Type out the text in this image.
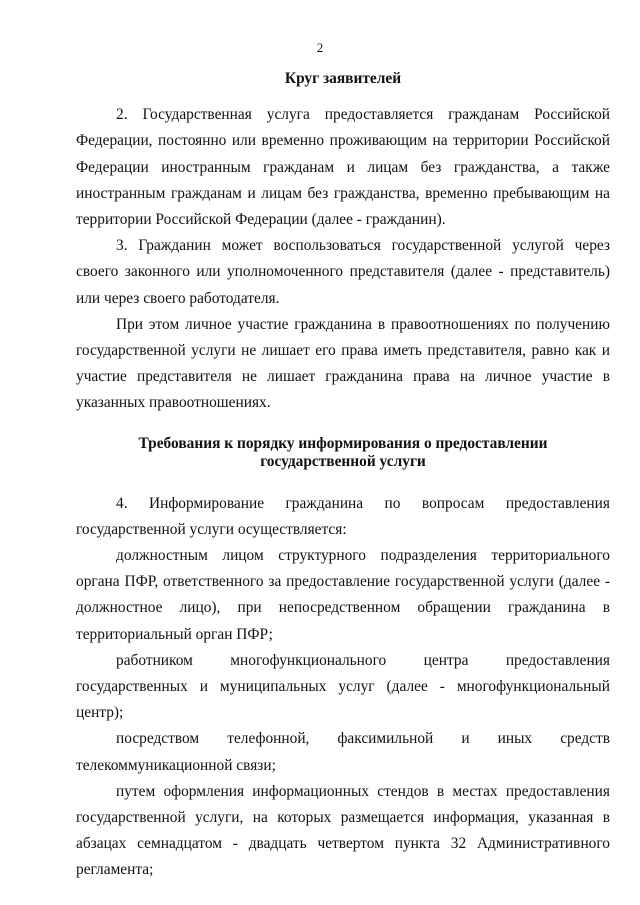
2
Круг заявителей

2. Государственная услуга предоставляется гражданам Российской Федерации, постоянно или временно проживающим на территории Российской Федерации иностранным гражданам и лицам без гражданства, а также иностранным гражданам и лицам без гражданства, временно пребывающим на территории Российской Федерации (далее - гражданин).

3. Гражданин может воспользоваться государственной услугой через своего законного или уполномоченного представителя (далее - представитель) или через своего работодателя.

При этом личное участие гражданина в правоотношениях по получению государственной услуги не лишает его права иметь представителя, равно как и участие представителя не лишает гражданина права на личное участие в указанных правоотношениях.

Требования к порядку информирования о предоставлении
государственной услуги

4. Информирование гражданина по вопросам предоставления государственной услуги осуществляется:

должностным лицом структурного подразделения территориального органа ПФР, ответственного за предоставление государственной услуги (далее - должностное лицо), при непосредственном обращении гражданина в территориальный орган ПФР;

работником многофункционального центра предоставления государственных и муниципальных услуг (далее - многофункциональный центр);

посредством телефонной, факсимильной и иных средств телекоммуникационной связи;

путем оформления информационных стендов в местах предоставления государственной услуги, на которых размещается информация, указанная в абзацах семнадцатом - двадцать четвертом пункта 32 Административного регламента;
